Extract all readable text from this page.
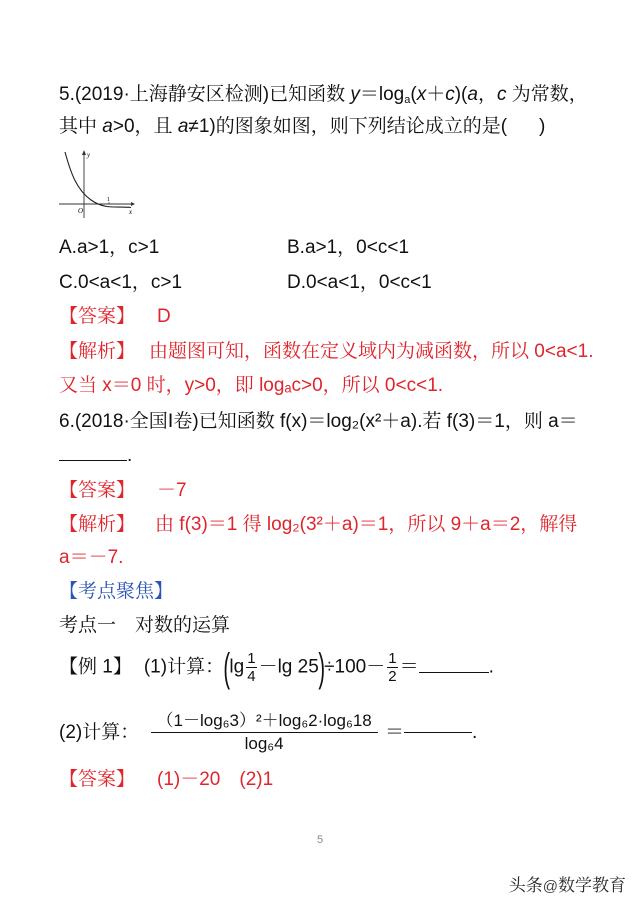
5.(2019·上海静安区检测)已知函数 $y=\log_a(x+c)(a$，c 为常数，
其中 a>0，且 a≠1)的图象如图，则下列结论成立的是( )
y
x
O
1
A.a>1，c>1	B.a>1，0<c<1
C.0<a<1，c>1	D.0<a<1，0<c<1
【答案】 D
【解析】 由题图可知，函数在定义域内为减函数，所以 0<a<1.
又当 x＝0 时，y>0，即 logₐc>0，所以 0<c<1.
6.(2018·全国Ⅰ卷)已知函数 f(x)＝log₂(x²＋a).若 f(3)＝1，则 a＝
.
【答案】 －7
【解析】 由 f(3)＝1 得 log₂(3²＋a)＝1，所以 9＋a＝2，解得
a＝－7.
【考点聚焦】
考点一　对数的运算
【例 1】 (1)计算：($\lg \frac{1}{4} -\lg$ $25)\div 100- \frac{1}{2}$ ＝	.
(2)计算： $\frac{\text{（1－log₆3）²＋log₆2·log₆18}}{\text{log₆4}}$ ＝	.
【答案】 (1)－20　(2)1
5
头条@数学教育
